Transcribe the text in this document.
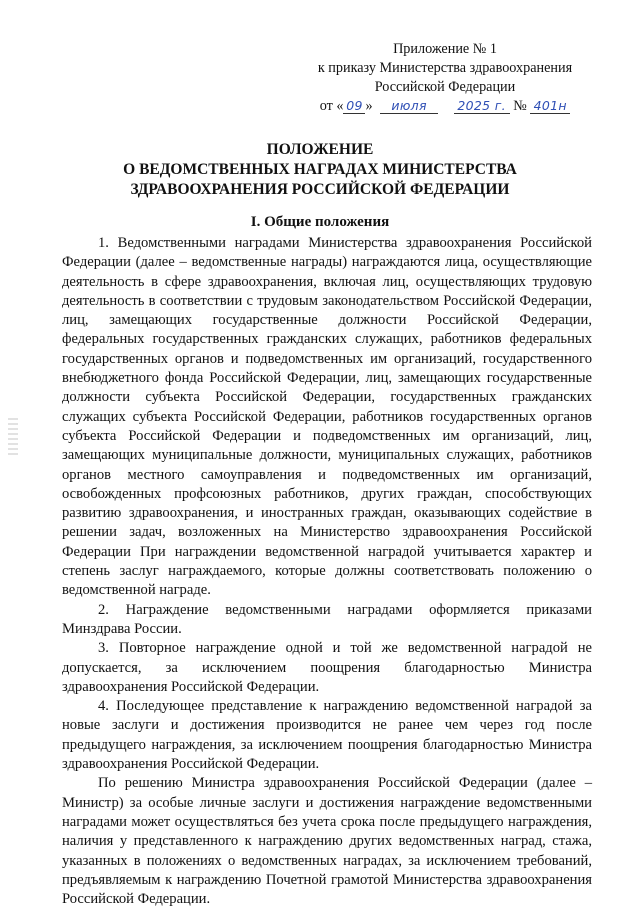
Приложение № 1
к приказу Министерства здравоохранения
Российской Федерации
от « 09 » июля 2025 г. № 401н
ПОЛОЖЕНИЕ
О ВЕДОМСТВЕННЫХ НАГРАДАХ МИНИСТЕРСТВА
ЗДРАВООХРАНЕНИЯ РОССИЙСКОЙ ФЕДЕРАЦИИ
I. Общие положения

1. Ведомственными наградами Министерства здравоохранения Российской Федерации (далее – ведомственные награды) награждаются лица, осуществляющие деятельность в сфере здравоохранения, включая лиц, осуществляющих трудовую деятельность в соответствии с трудовым законодательством Российской Федерации, лиц, замещающих государственные должности Российской Федерации, федеральных государственных гражданских служащих, работников федеральных государственных органов и подведомственных им организаций, государственного внебюджетного фонда Российской Федерации, лиц, замещающих государственные должности субъекта Российской Федерации, государственных гражданских служащих субъекта Российской Федерации, работников государственных органов субъекта Российской Федерации и подведомственных им организаций, лиц, замещающих муниципальные должности, муниципальных служащих, работников органов местного самоуправления и подведомственных им организаций, освобожденных профсоюзных работников, других граждан, способствующих развитию здравоохранения, и иностранных граждан, оказывающих содействие в решении задач, возложенных на Министерство здравоохранения Российской Федерации При награждении ведомственной наградой учитывается характер и степень заслуг награждаемого, которые должны соответствовать положению о ведомственной награде.

2. Награждение ведомственными наградами оформляется приказами Минздрава России.

3. Повторное награждение одной и той же ведомственной наградой не допускается, за исключением поощрения благодарностью Министра здравоохранения Российской Федерации.

4. Последующее представление к награждению ведомственной наградой за новые заслуги и достижения производится не ранее чем через год после предыдущего награждения, за исключением поощрения благодарностью Министра здравоохранения Российской Федерации.

По решению Министра здравоохранения Российской Федерации (далее – Министр) за особые личные заслуги и достижения награждение ведомственными наградами может осуществляться без учета срока после предыдущего награждения, наличия у представленного к награждению других ведомственных наград, стажа, указанных в положениях о ведомственных наградах, за исключением требований, предъявляемым к награждению Почетной грамотой Министерства здравоохранения Российской Федерации.
